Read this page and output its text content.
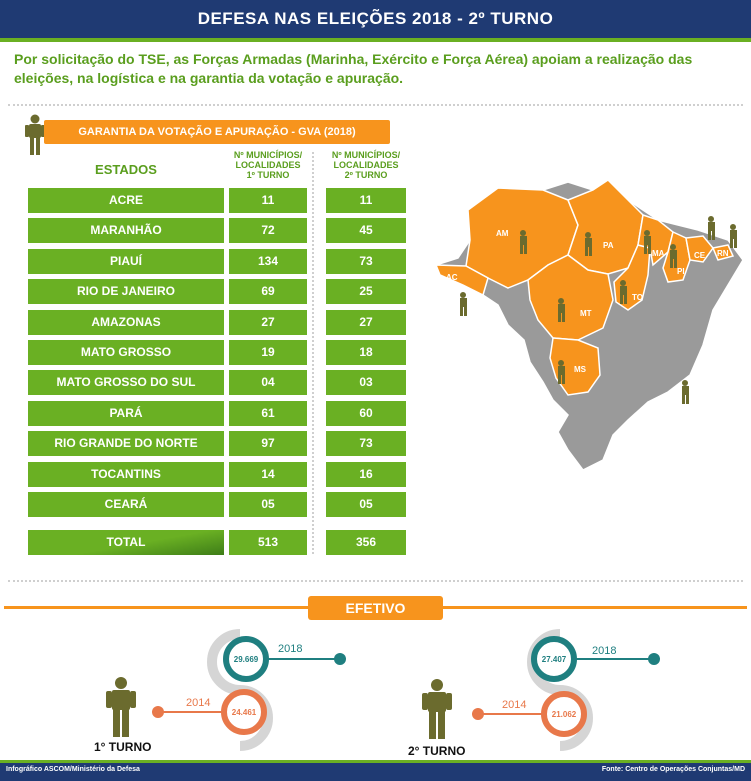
DEFESA NAS ELEIÇÕES 2018 - 2º TURNO
Por solicitação do TSE, as Forças Armadas (Marinha, Exército e Força Aérea) apoiam a realização das eleições, na logística e na garantia da votação e apuração.
GARANTIA DA VOTAÇÃO E APURAÇÃO - GVA (2018)
ESTADOS
Nº MUNICÍPIOS/
LOCALIDADES
1º TURNO
Nº MUNICÍPIOS/
LOCALIDADES
2º TURNO
ACRE	11	11
MARANHÃO	72	45
PIAUÍ	134	73
RIO DE JANEIRO	69	25
AMAZONAS	27	27
MATO GROSSO	19	18
MATO GROSSO DO SUL	04	03
PARÁ	61	60
RIO GRANDE DO NORTE	97	73
TOCANTINS	14	16
CEARÁ	05	05
TOTAL	513	356
AM
PA
AC
MT
MA
PI
CE RN
TO
MS
EFETIVO
29.669
24.461
2018
2014
1° TURNO
27.407
21.062
2018
2014
2° TURNO
Infográfico ASCOM/Ministério da Defesa	Fonte: Centro de Operações Conjuntas/MD
